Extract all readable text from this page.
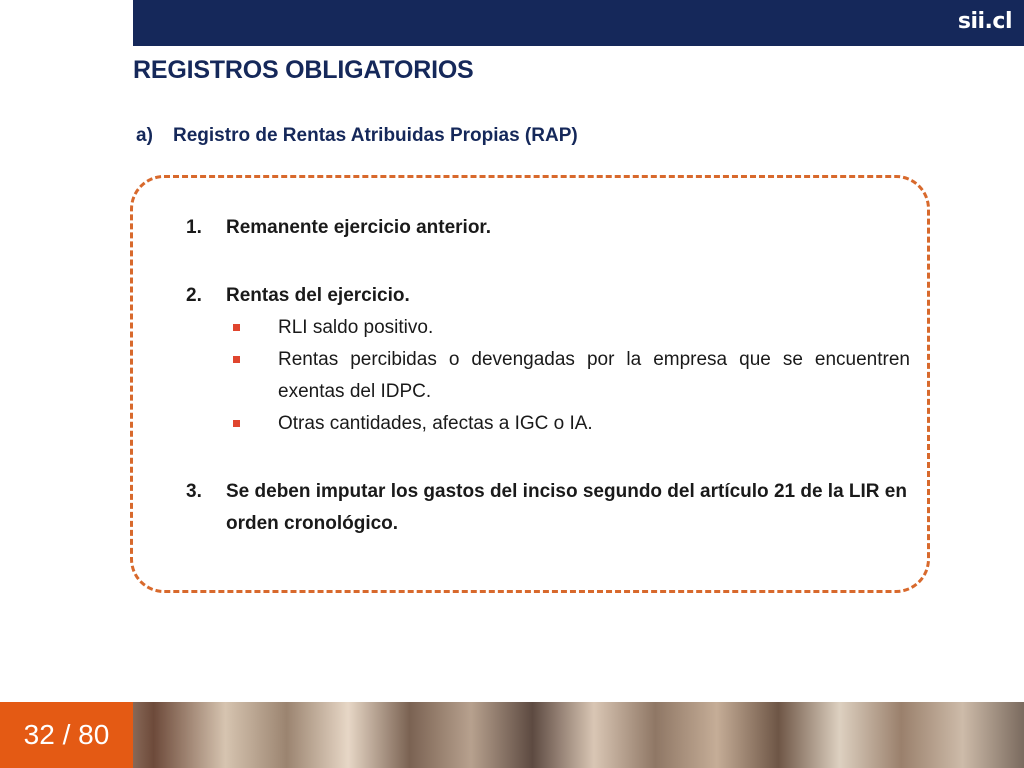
sii.cl
REGISTROS OBLIGATORIOS
a) Registro de Rentas Atribuidas Propias (RAP)
1.	Remanente ejercicio anterior.
2.	Rentas del ejercicio.
RLI saldo positivo.
Rentas percibidas o devengadas por la empresa que se encuentren exentas del IDPC.
Otras cantidades, afectas a IGC o IA.
3.	Se deben imputar los gastos del inciso segundo del artículo 21 de la LIR en orden cronológico.
32 / 80
